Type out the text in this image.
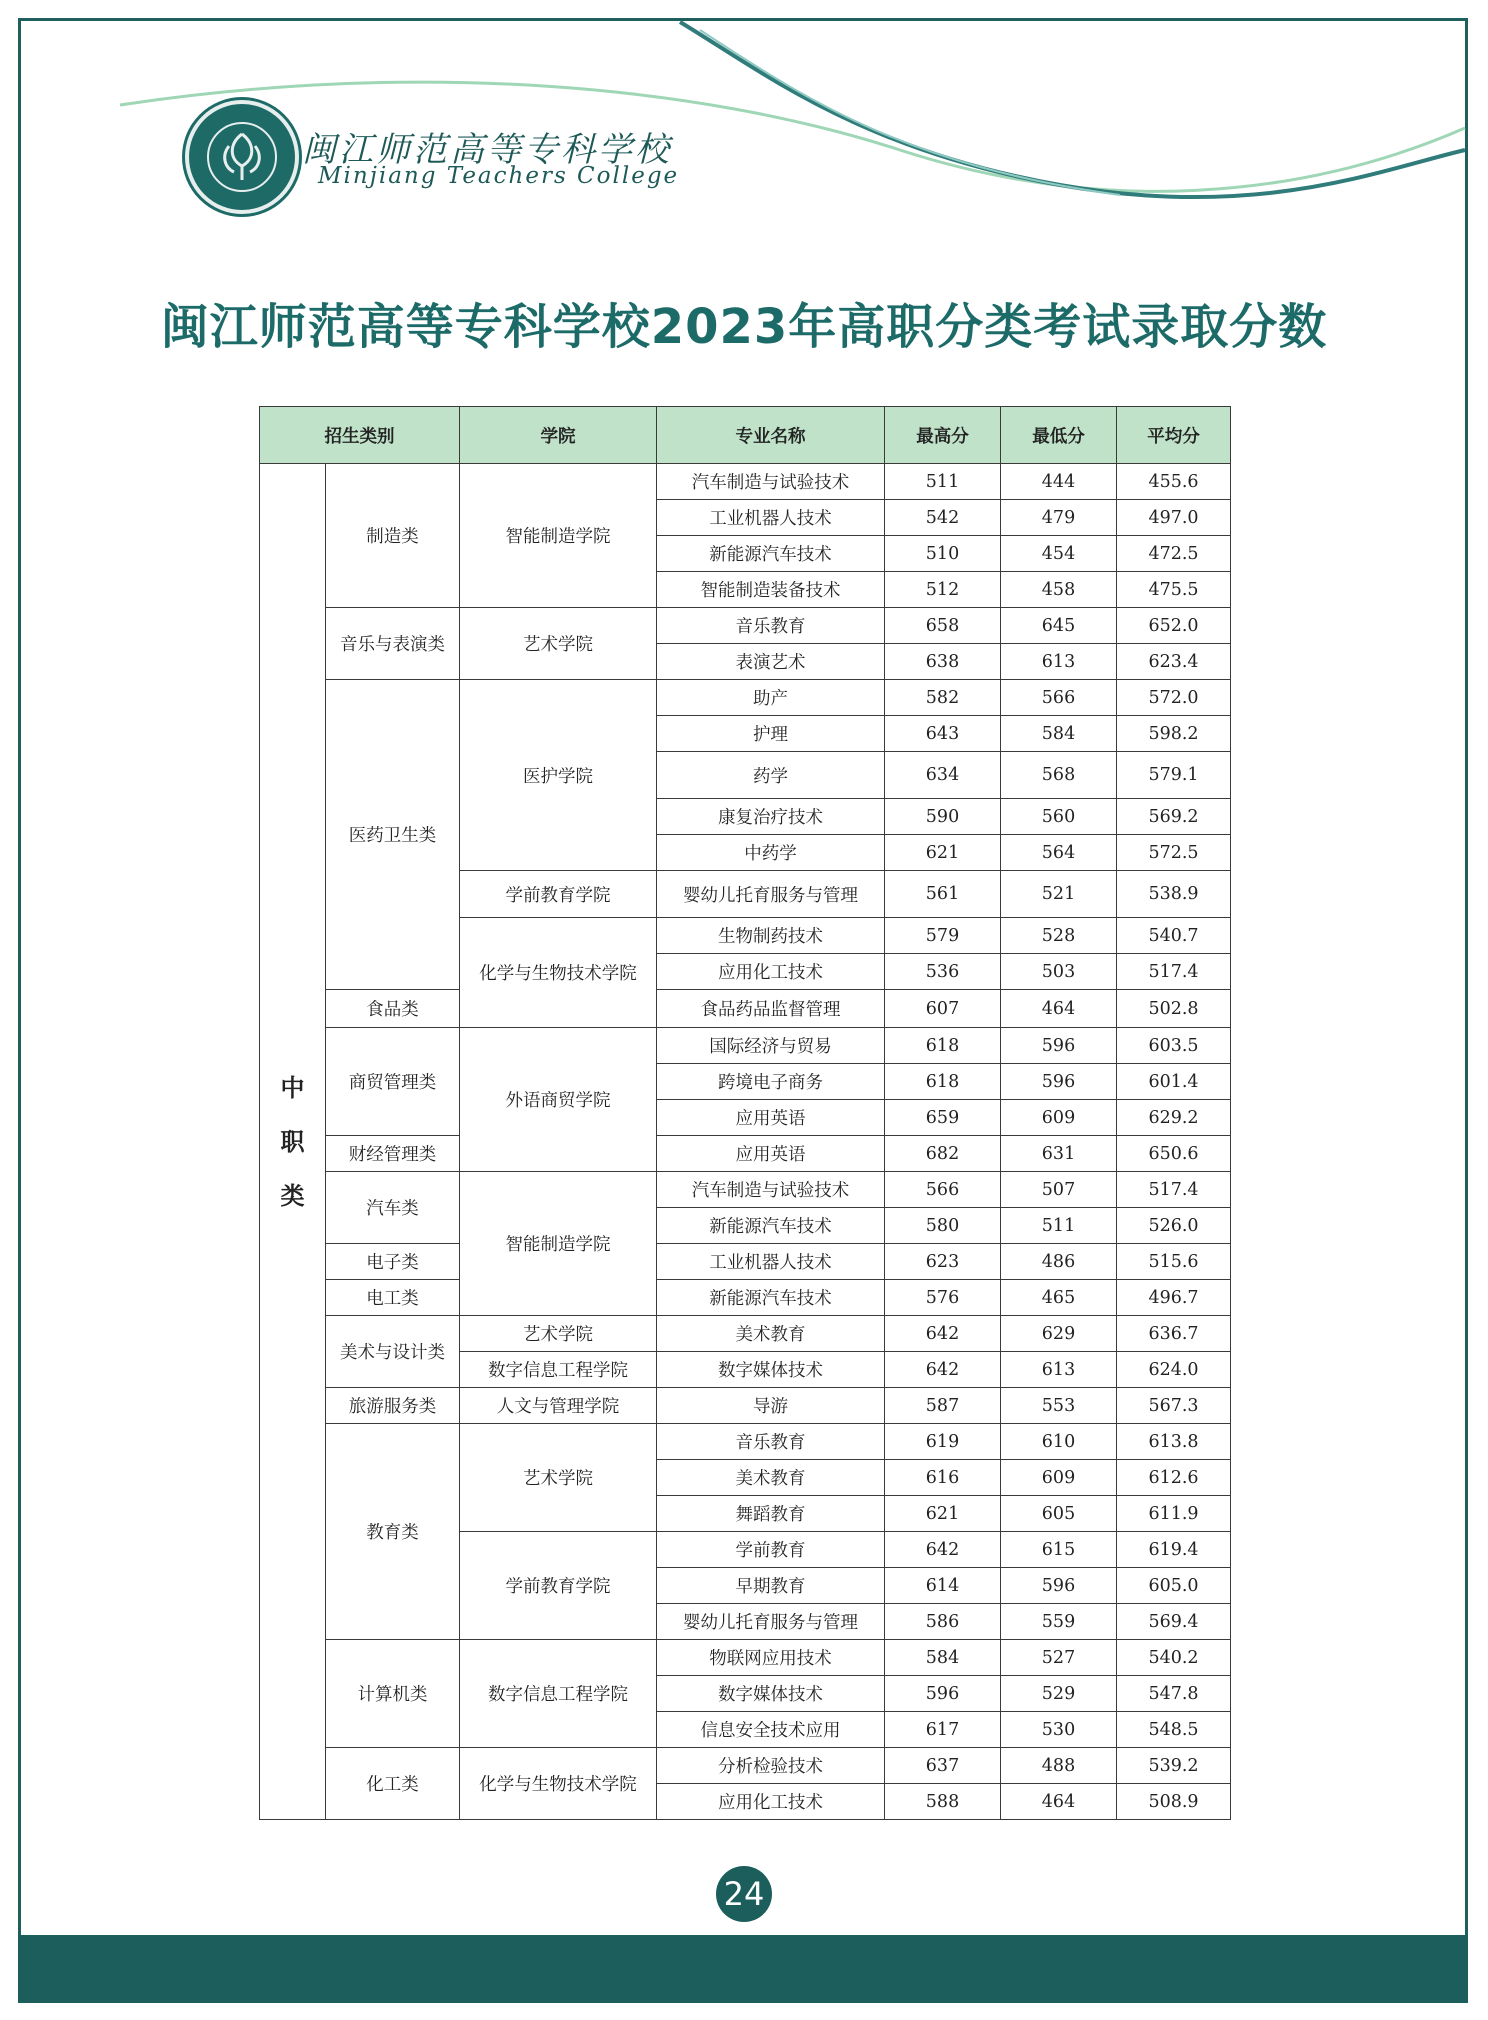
闽江师范高等专科学校
Minjiang Teachers College
闽江师范高等专科学校2023年高职分类考试录取分数
招生类别		学院	专业名称	最高分	最低分	平均分

中
职
类	制造类	智能制造学院	汽车制造与试验技术	511	444	455.6
			工业机器人技术	542	479	497.0
			新能源汽车技术	510	454	472.5
			智能制造装备技术	512	458	475.5
	音乐与表演类	艺术学院	音乐教育	658	645	652.0
			表演艺术	638	613	623.4
	医药卫生类	医护学院	助产	582	566	572.0
			护理	643	584	598.2
			药学	634	568	579.1
			康复治疗技术	590	560	569.2
			中药学	621	564	572.5
		学前教育学院	婴幼儿托育服务与管理	561	521	538.9
		化学与生物技术学院	生物制药技术	579	528	540.7
			应用化工技术	536	503	517.4
	食品类		食品药品监督管理	607	464	502.8
	商贸管理类	外语商贸学院	国际经济与贸易	618	596	603.5
			跨境电子商务	618	596	601.4
			应用英语	659	609	629.2
	财经管理类		应用英语	682	631	650.6
	汽车类	智能制造学院	汽车制造与试验技术	566	507	517.4
			新能源汽车技术	580	511	526.0
	电子类		工业机器人技术	623	486	515.6
	电工类		新能源汽车技术	576	465	496.7
	美术与设计类	艺术学院	美术教育	642	629	636.7
		数字信息工程学院	数字媒体技术	642	613	624.0
	旅游服务类	人文与管理学院	导游	587	553	567.3
	教育类	艺术学院	音乐教育	619	610	613.8
			美术教育	616	609	612.6
			舞蹈教育	621	605	611.9
		学前教育学院	学前教育	642	615	619.4
			早期教育	614	596	605.0
			婴幼儿托育服务与管理	586	559	569.4
	计算机类	数字信息工程学院	物联网应用技术	584	527	540.2
			数字媒体技术	596	529	547.8
			信息安全技术应用	617	530	548.5
	化工类	化学与生物技术学院	分析检验技术	637	488	539.2
			应用化工技术	588	464	508.9
24
